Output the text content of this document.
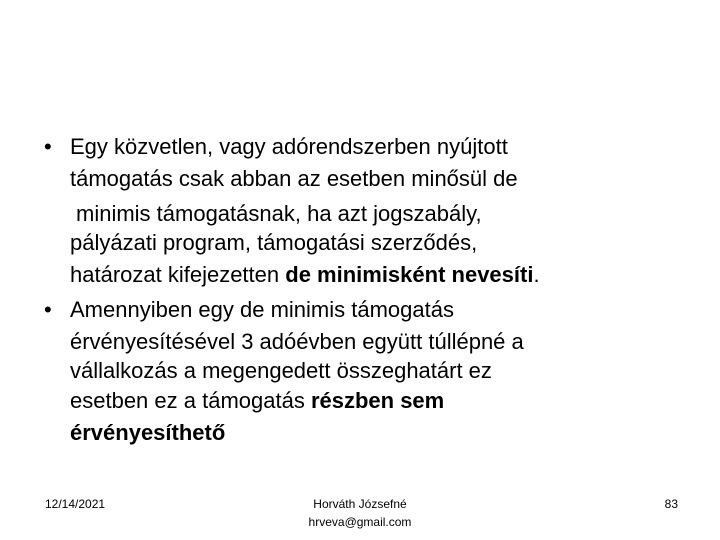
• Egy közvetlen, vagy adórendszerben nyújtott
támogatás csak abban az esetben minősül de
minimis támogatásnak, ha azt jogszabály,
pályázati program, támogatási szerződés,
határozat kifejezetten de minimisként nevesíti.
• Amennyiben egy de minimis támogatás
érvényesítésével 3 adóévben együtt túllépné a
vállalkozás a megengedett összeghatárt ez
esetben ez a támogatás részben sem
érvényesíthető
12/14/2021	Horváth Józsefné
hrveva@gmail.com
83
